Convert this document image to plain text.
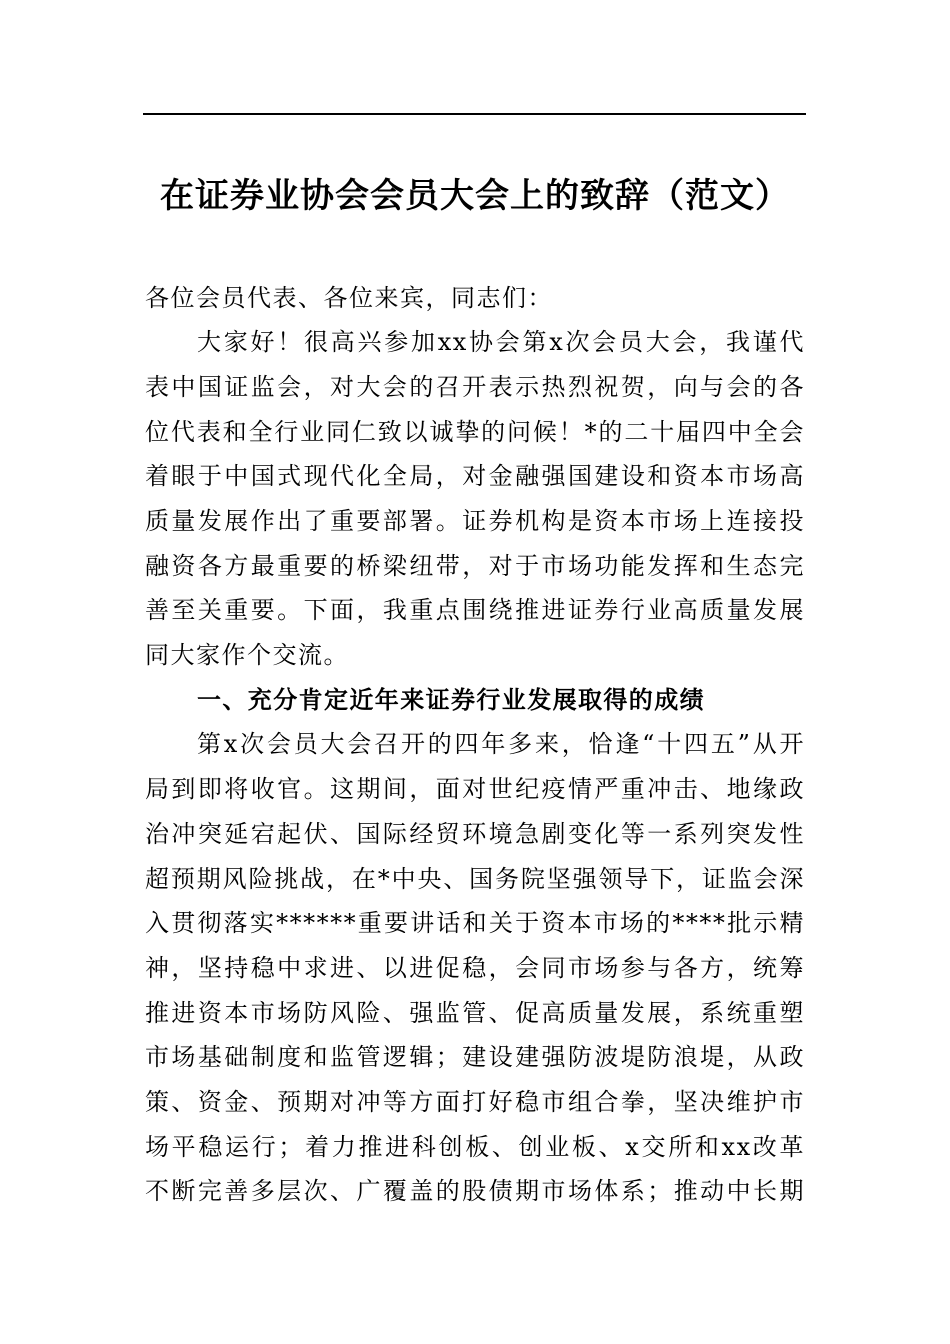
在证券业协会会员大会上的致辞（范文）
各位会员代表、各位来宾，同志们：
大家好！很高兴参加xx协会第x次会员大会，我谨代
表中国证监会，对大会的召开表示热烈祝贺，向与会的各
位代表和全行业同仁致以诚挚的问候！*的二十届四中全会
着眼于中国式现代化全局，对金融强国建设和资本市场高
质量发展作出了重要部署。证券机构是资本市场上连接投
融资各方最重要的桥梁纽带，对于市场功能发挥和生态完
善至关重要。下面，我重点围绕推进证券行业高质量发展
同大家作个交流。
一、充分肯定近年来证券行业发展取得的成绩
第x次会员大会召开的四年多来，恰逢“十四五”从开
局到即将收官。这期间，面对世纪疫情严重冲击、地缘政
治冲突延宕起伏、国际经贸环境急剧变化等一系列突发性
超预期风险挑战，在*中央、国务院坚强领导下，证监会深
入贯彻落实******重要讲话和关于资本市场的****批示精
神，坚持稳中求进、以进促稳，会同市场参与各方，统筹
推进资本市场防风险、强监管、促高质量发展，系统重塑
市场基础制度和监管逻辑；建设建强防波堤防浪堤，从政
策、资金、预期对冲等方面打好稳市组合拳，坚决维护市
场平稳运行；着力推进科创板、创业板、x交所和xx改革
不断完善多层次、广覆盖的股债期市场体系；推动中长期
